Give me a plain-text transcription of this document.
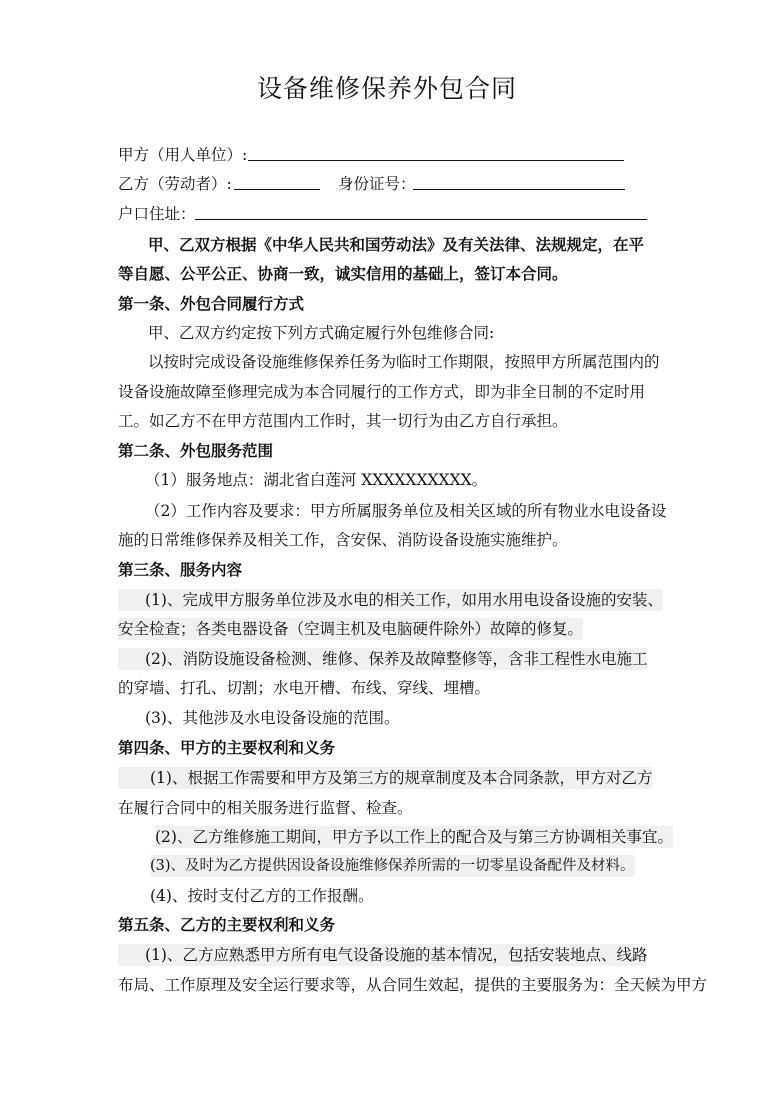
设备维修保养外包合同
甲方（用人单位）:
乙方（劳动者）:	身份证号：
户口住址：
甲、乙双方根据《中华人民共和国劳动法》及有关法律、法规规定，在平
等自愿、公平公正、协商一致，诚实信用的基础上，签订本合同。
第一条、外包合同履行方式
甲、乙双方约定按下列方式确定履行外包维修合同:
以按时完成设备设施维修保养任务为临时工作期限，按照甲方所属范围内的
设备设施故障至修理完成为本合同履行的工作方式，即为非全日制的不定时用
工。如乙方不在甲方范围内工作时，其一切行为由乙方自行承担。
第二条、外包服务范围
（1）服务地点：湖北省白莲河 XXXXXXXXXX。
（2）工作内容及要求：甲方所属服务单位及相关区域的所有物业水电设备设
施的日常维修保养及相关工作，含安保、消防设备设施实施维护。
第三条、服务内容
(1)、完成甲方服务单位涉及水电的相关工作，如用水用电设备设施的安装、
安全检查；各类电器设备（空调主机及电脑硬件除外）故障的修复。
(2)、消防设施设备检测、维修、保养及故障整修等，含非工程性水电施工
的穿墙、打孔、切割；水电开槽、布线、穿线、埋槽。
(3)、其他涉及水电设备设施的范围。
第四条、甲方的主要权利和义务
(1)、根据工作需要和甲方及第三方的规章制度及本合同条款，甲方对乙方
在履行合同中的相关服务进行监督、检查。
(2)、乙方维修施工期间，甲方予以工作上的配合及与第三方协调相关事宜。
(3)、及时为乙方提供因设备设施维修保养所需的一切零星设备配件及材料。
(4)、按时支付乙方的工作报酬。
第五条、乙方的主要权利和义务
(1)、乙方应熟悉甲方所有电气设备设施的基本情况，包括安装地点、线路
布局、工作原理及安全运行要求等，从合同生效起，提供的主要服务为：全天候为甲方
